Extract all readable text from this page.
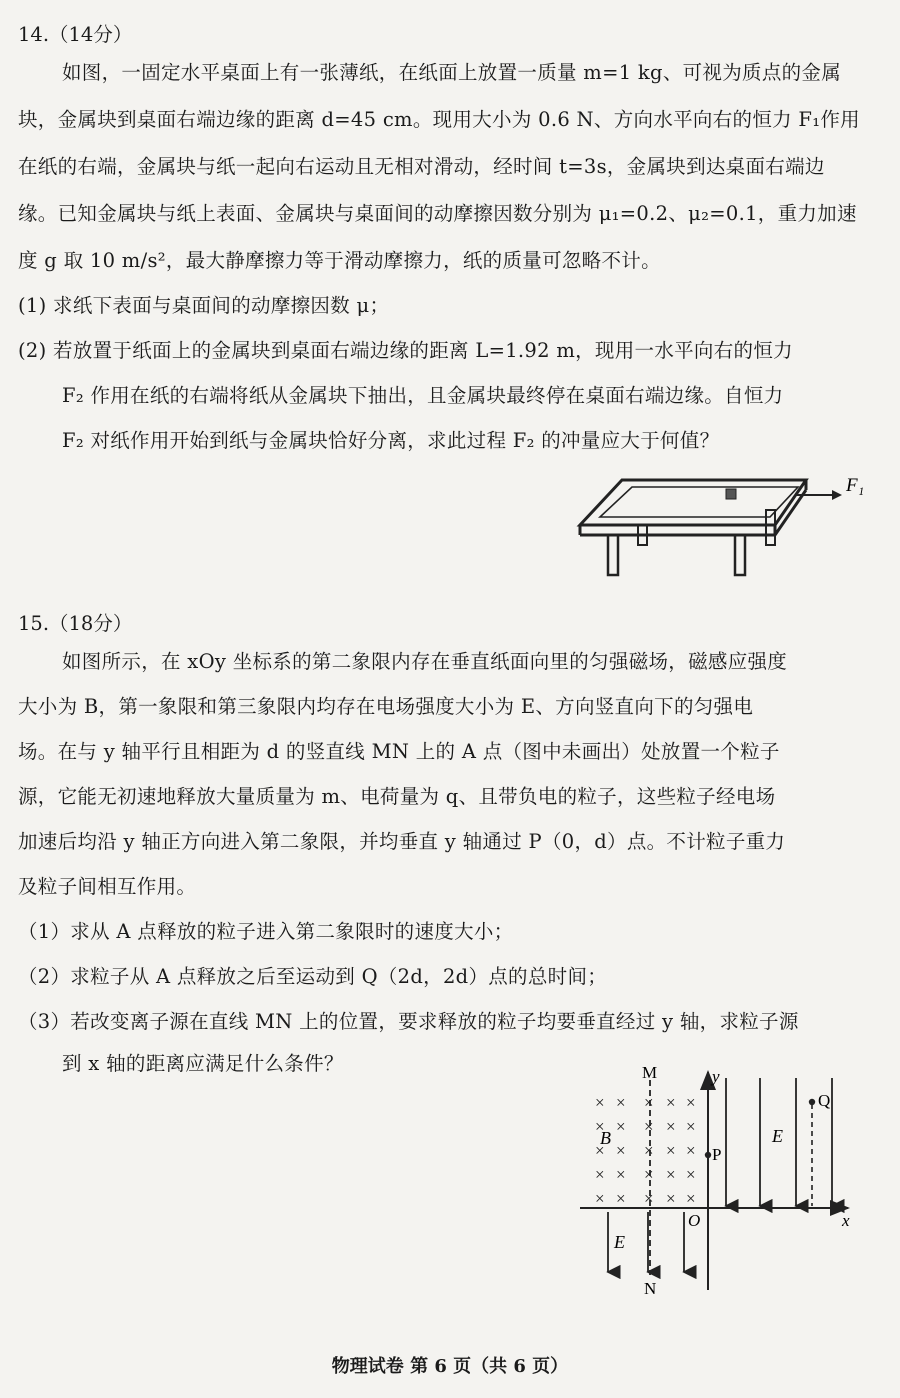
14.（14分）
如图，一固定水平桌面上有一张薄纸，在纸面上放置一质量 m=1 kg、可视为质点的金属
块，金属块到桌面右端边缘的距离 d=45 cm。现用大小为 0.6 N、方向水平向右的恒力 F₁作用
在纸的右端，金属块与纸一起向右运动且无相对滑动，经时间 t=3s，金属块到达桌面右端边
缘。已知金属块与纸上表面、金属块与桌面间的动摩擦因数分别为 μ₁=0.2、μ₂=0.1，重力加速
度 g 取 10 m/s²，最大静摩擦力等于滑动摩擦力，纸的质量可忽略不计。
(1) 求纸下表面与桌面间的动摩擦因数 μ；
(2) 若放置于纸面上的金属块到桌面右端边缘的距离 L=1.92 m，现用一水平向右的恒力
F₂ 作用在纸的右端将纸从金属块下抽出，且金属块最终停在桌面右端边缘。自恒力
F₂ 对纸作用开始到纸与金属块恰好分离，求此过程 F₂ 的冲量应大于何值？
F₁
15.（18分）
如图所示，在 xOy 坐标系的第二象限内存在垂直纸面向里的匀强磁场，磁感应强度
大小为 B，第一象限和第三象限内均存在电场强度大小为 E、方向竖直向下的匀强电
场。在与 y 轴平行且相距为 d 的竖直线 MN 上的 A 点（图中未画出）处放置一个粒子
源，它能无初速地释放大量质量为 m、电荷量为 q、且带负电的粒子，这些粒子经电场
加速后均沿 y 轴正方向进入第二象限，并均垂直 y 轴通过 P（0，d）点。不计粒子重力
及粒子间相互作用。
（1）求从 A 点释放的粒子进入第二象限时的速度大小；
（2）求粒子从 A 点释放之后至运动到 Q（2d，2d）点的总时间；
（3）若改变离子源在直线 MN 上的位置，要求释放的粒子均要垂直经过 y 轴，求粒子源
到 x 轴的距离应满足什么条件？
× × × × ×
× × × × ×
× × × × ×
× × × × ×
× × × × ×
M
N
y
x
O
P
Q
B	E
E
物理试卷 第 6 页（共 6 页）
